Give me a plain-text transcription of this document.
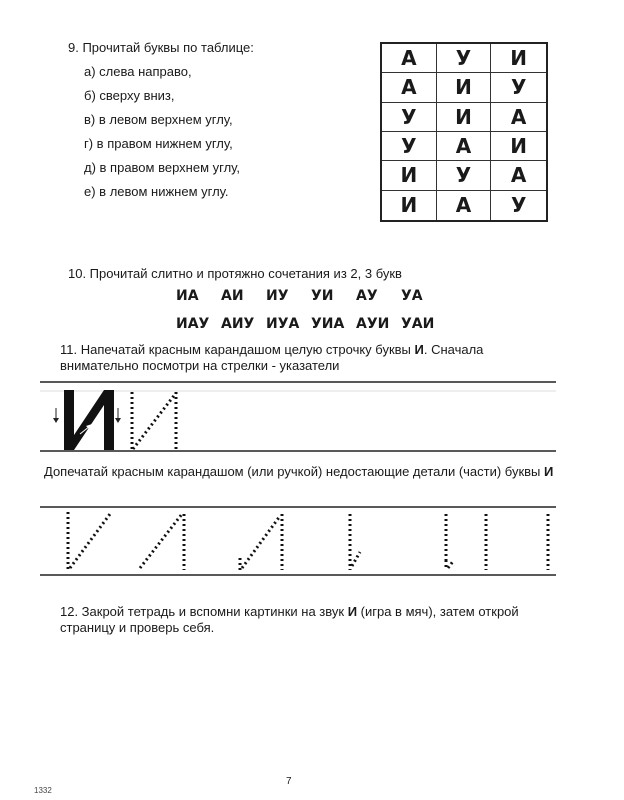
9. Прочитай буквы по таблице:
а) слева направо,
б) сверху вниз,
в) в левом верхнем углу,
г) в правом нижнем углу,
д) в правом верхнем углу,
е) в левом нижнем углу.
А	У	И
А	И	У
У	И	А
У	А	И
И	У	А
И	А	У
10. Прочитай слитно и протяжно сочетания из 2, 3 букв
ИА	АИ	ИУ	УИ	АУ	УА
ИАУ АИУ ИУА УИА АУИ УАИ
11. Напечатай красным карандашом целую строчку буквы И. Сначала внимательно посмотри на стрелки - указатели
Допечатай красным карандашом (или ручкой) недостающие детали (части) буквы И
12. Закрой тетрадь и вспомни картинки на звук И (игра в мяч), затем открой страницу и проверь себя.
7
1332
